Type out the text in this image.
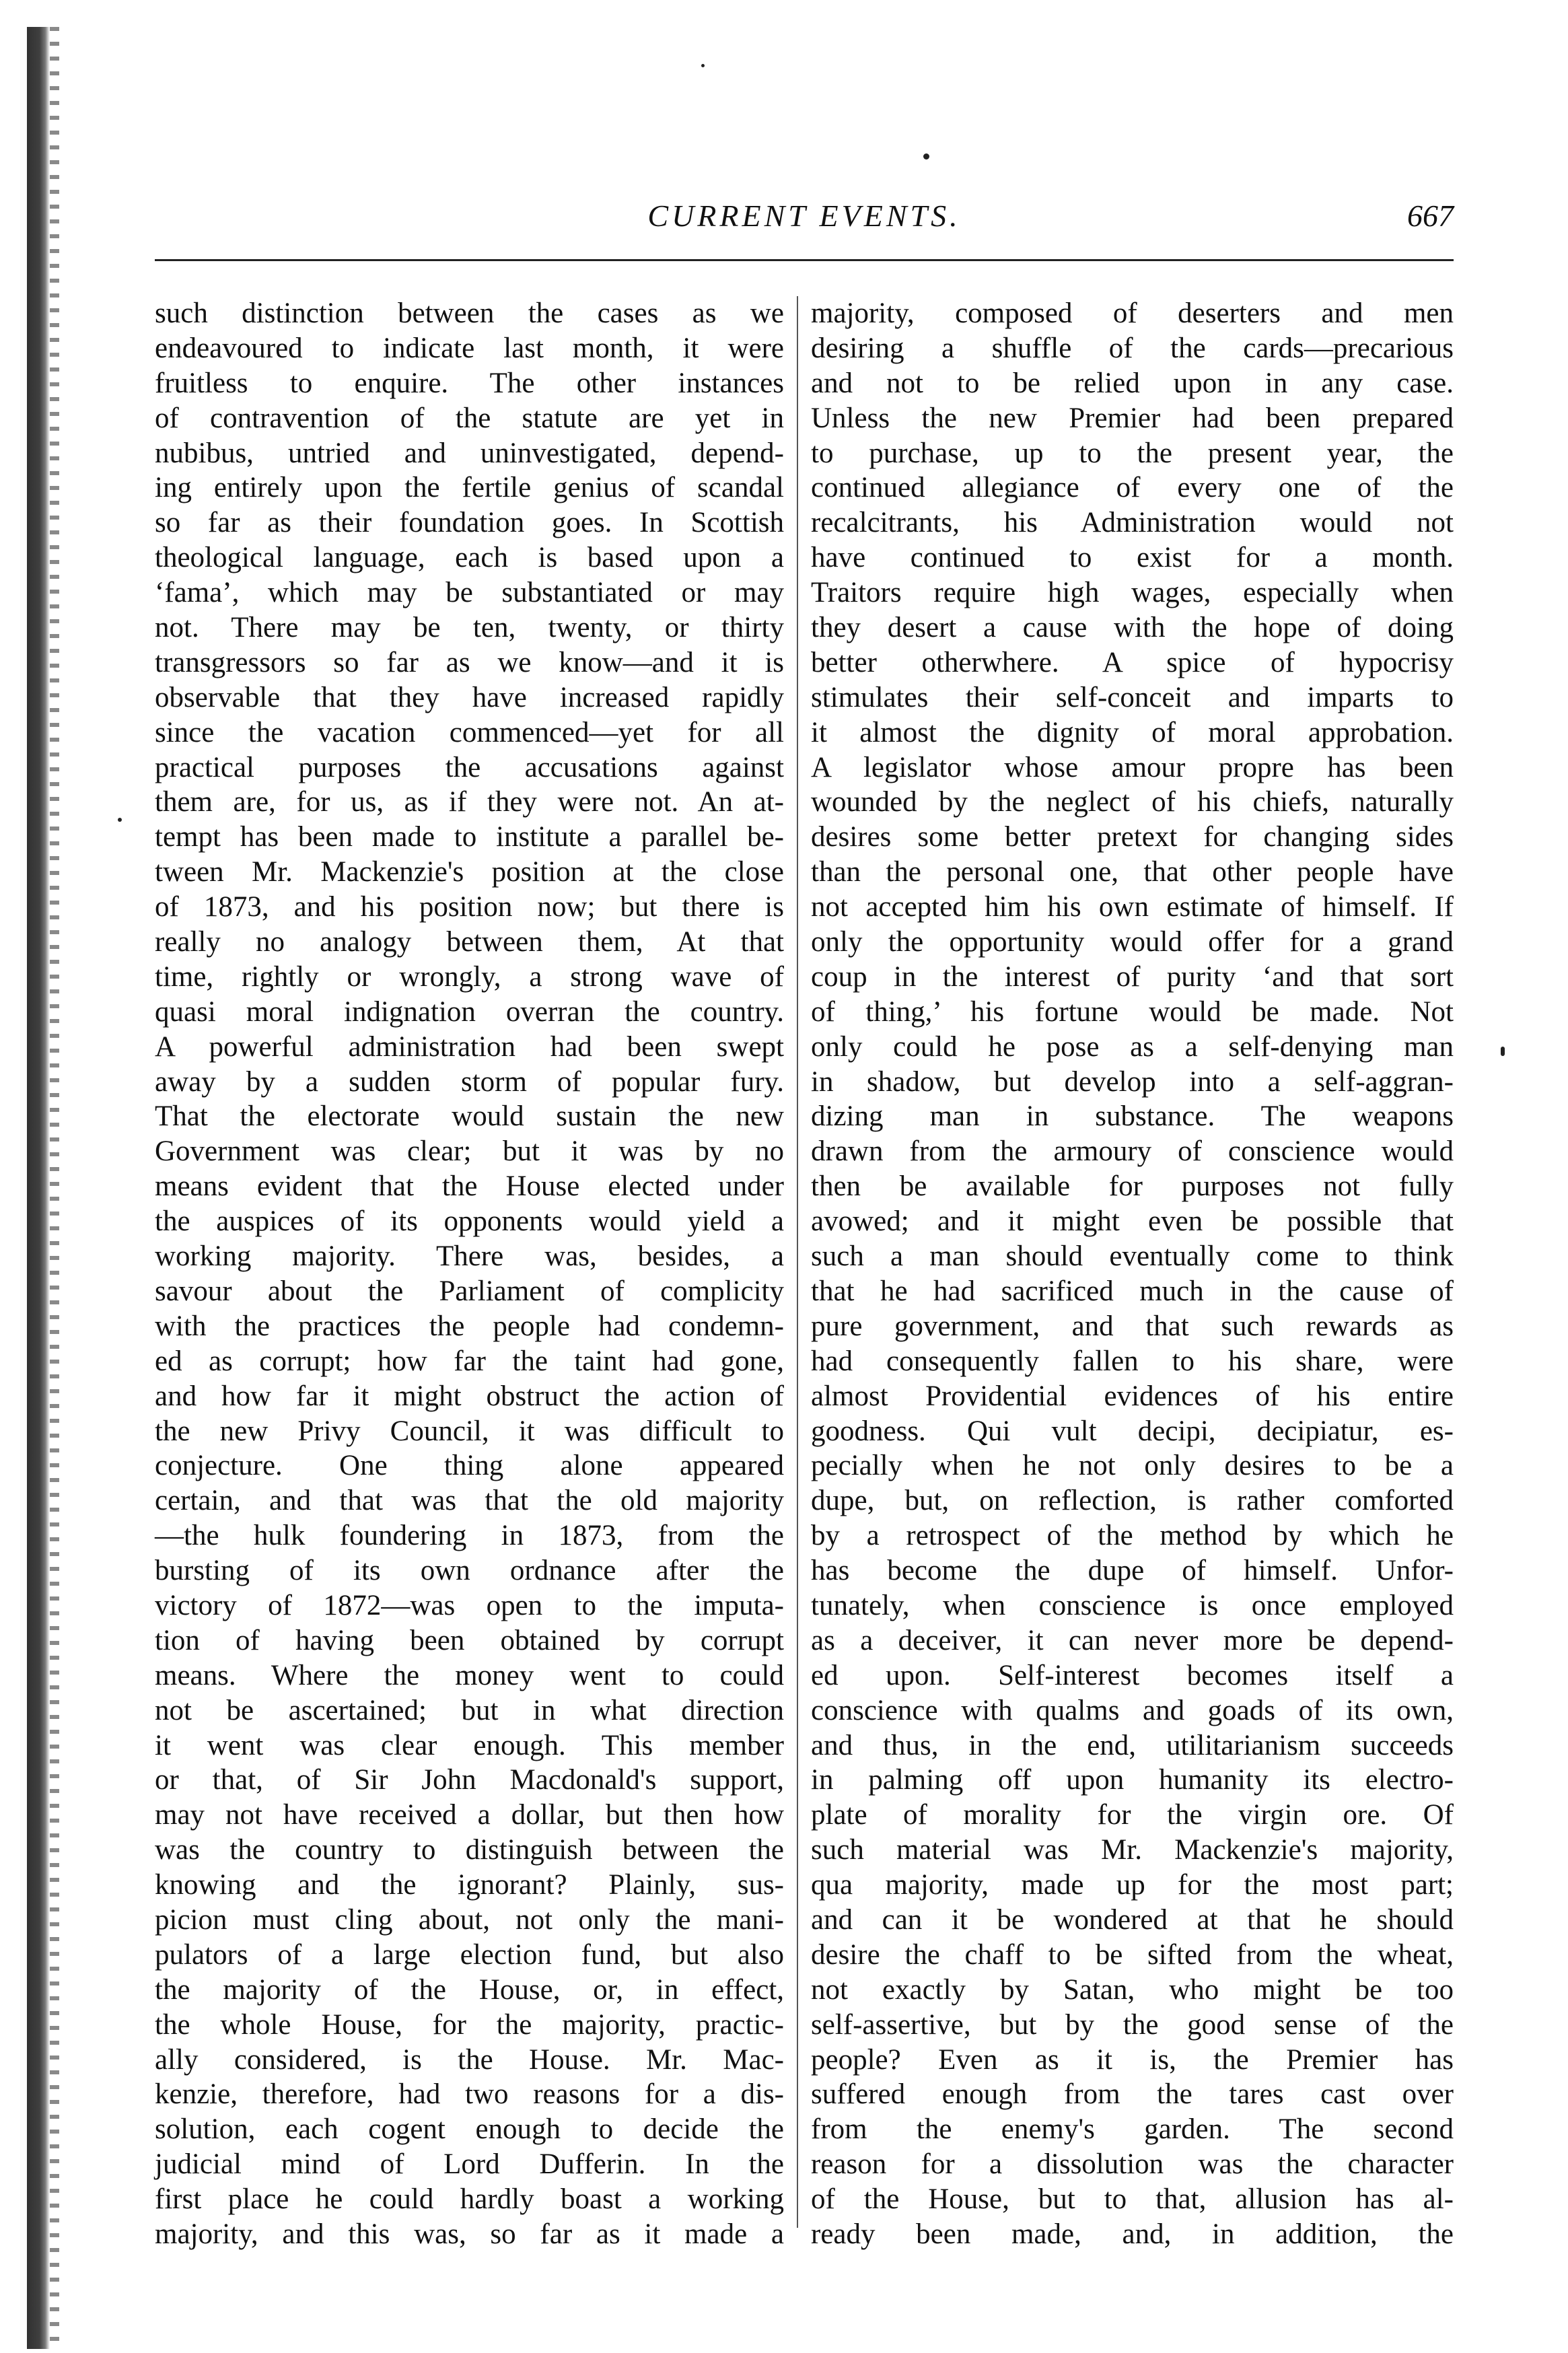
CURRENT EVENTS.	667
such distinction between the cases as we
endeavoured to indicate last month, it were
fruitless to enquire. The other instances
of contravention of the statute are yet in
nubibus, untried and uninvestigated, depend-
ing entirely upon the fertile genius of scandal
so far as their foundation goes. In Scottish
theological language, each is based upon a
‘fama’, which may be substantiated or may
not. There may be ten, twenty, or thirty
transgressors so far as we know—and it is
observable that they have increased rapidly
since the vacation commenced—yet for all
practical purposes the accusations against
them are, for us, as if they were not. An at-
tempt has been made to institute a parallel be-
tween Mr. Mackenzie's position at the close
of 1873, and his position now; but there is
really no analogy between them, At that
time, rightly or wrongly, a strong wave of
quasi moral indignation overran the country.
A powerful administration had been swept
away by a sudden storm of popular fury.
That the electorate would sustain the new
Government was clear; but it was by no
means evident that the House elected under
the auspices of its opponents would yield a
working majority. There was, besides, a
savour about the Parliament of complicity
with the practices the people had condemn-
ed as corrupt; how far the taint had gone,
and how far it might obstruct the action of
the new Privy Council, it was difficult to
conjecture. One thing alone appeared
certain, and that was that the old majority
—the hulk foundering in 1873, from the
bursting of its own ordnance after the
victory of 1872—was open to the imputa-
tion of having been obtained by corrupt
means. Where the money went to could
not be ascertained; but in what direction
it went was clear enough. This member
or that, of Sir John Macdonald's support,
may not have received a dollar, but then how
was the country to distinguish between the
knowing and the ignorant? Plainly, sus-
picion must cling about, not only the mani-
pulators of a large election fund, but also
the majority of the House, or, in effect,
the whole House, for the majority, practic-
ally considered, is the House. Mr. Mac-
kenzie, therefore, had two reasons for a dis-
solution, each cogent enough to decide the
judicial mind of Lord Dufferin. In the
first place he could hardly boast a working
majority, and this was, so far as it made a
majority, composed of deserters and men
desiring a shuffle of the cards—precarious
and not to be relied upon in any case.
Unless the new Premier had been prepared
to purchase, up to the present year, the
continued allegiance of every one of the
recalcitrants, his Administration would not
have continued to exist for a month.
Traitors require high wages, especially when
they desert a cause with the hope of doing
better otherwhere. A spice of hypocrisy
stimulates their self-conceit and imparts to
it almost the dignity of moral approbation.
A legislator whose amour propre has been
wounded by the neglect of his chiefs, naturally
desires some better pretext for changing sides
than the personal one, that other people have
not accepted him his own estimate of himself. If
only the opportunity would offer for a grand
coup in the interest of purity ‘and that sort
of thing,’ his fortune would be made. Not
only could he pose as a self-denying man
in shadow, but develop into a self-aggran-
dizing man in substance. The weapons
drawn from the armoury of conscience would
then be available for purposes not fully
avowed; and it might even be possible that
such a man should eventually come to think
that he had sacrificed much in the cause of
pure government, and that such rewards as
had consequently fallen to his share, were
almost Providential evidences of his entire
goodness. Qui vult decipi, decipiatur, es-
pecially when he not only desires to be a
dupe, but, on reflection, is rather comforted
by a retrospect of the method by which he
has become the dupe of himself. Unfor-
tunately, when conscience is once employed
as a deceiver, it can never more be depend-
ed upon. Self-interest becomes itself a
conscience with qualms and goads of its own,
and thus, in the end, utilitarianism succeeds
in palming off upon humanity its electro-
plate of morality for the virgin ore. Of
such material was Mr. Mackenzie's majority,
qua majority, made up for the most part;
and can it be wondered at that he should
desire the chaff to be sifted from the wheat,
not exactly by Satan, who might be too
self-assertive, but by the good sense of the
people? Even as it is, the Premier has
suffered enough from the tares cast over
from the enemy's garden. The second
reason for a dissolution was the character
of the House, but to that, allusion has al-
ready been made, and, in addition, the
